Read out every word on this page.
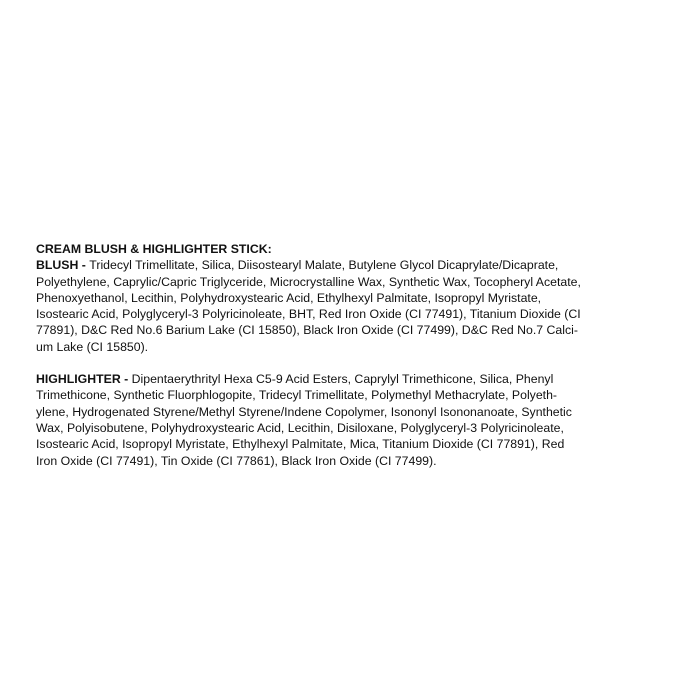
CREAM BLUSH & HIGHLIGHTER STICK:

BLUSH - Tridecyl Trimellitate, Silica, Diisostearyl Malate, Butylene Glycol Dicaprylate/Dicaprate,
Polyethylene, Caprylic/Capric Triglyceride, Microcrystalline Wax, Synthetic Wax, Tocopheryl Acetate,
Phenoxyethanol, Lecithin, Polyhydroxystearic Acid, Ethylhexyl Palmitate, Isopropyl Myristate,
Isostearic Acid, Polyglyceryl-3 Polyricinoleate, BHT, Red Iron Oxide (CI 77491), Titanium Dioxide (CI
77891), D&C Red No.6 Barium Lake (CI 15850), Black Iron Oxide (CI 77499), D&C Red No.7 Calci-
um Lake (CI 15850).

HIGHLIGHTER - Dipentaerythrityl Hexa C5-9 Acid Esters, Caprylyl Trimethicone, Silica, Phenyl
Trimethicone, Synthetic Fluorphlogopite, Tridecyl Trimellitate, Polymethyl Methacrylate, Polyeth-
ylene, Hydrogenated Styrene/Methyl Styrene/Indene Copolymer, Isononyl Isononanoate, Synthetic
Wax, Polyisobutene, Polyhydroxystearic Acid, Lecithin, Disiloxane, Polyglyceryl-3 Polyricinoleate,
Isostearic Acid, Isopropyl Myristate, Ethylhexyl Palmitate, Mica, Titanium Dioxide (CI 77891), Red
Iron Oxide (CI 77491), Tin Oxide (CI 77861), Black Iron Oxide (CI 77499).
